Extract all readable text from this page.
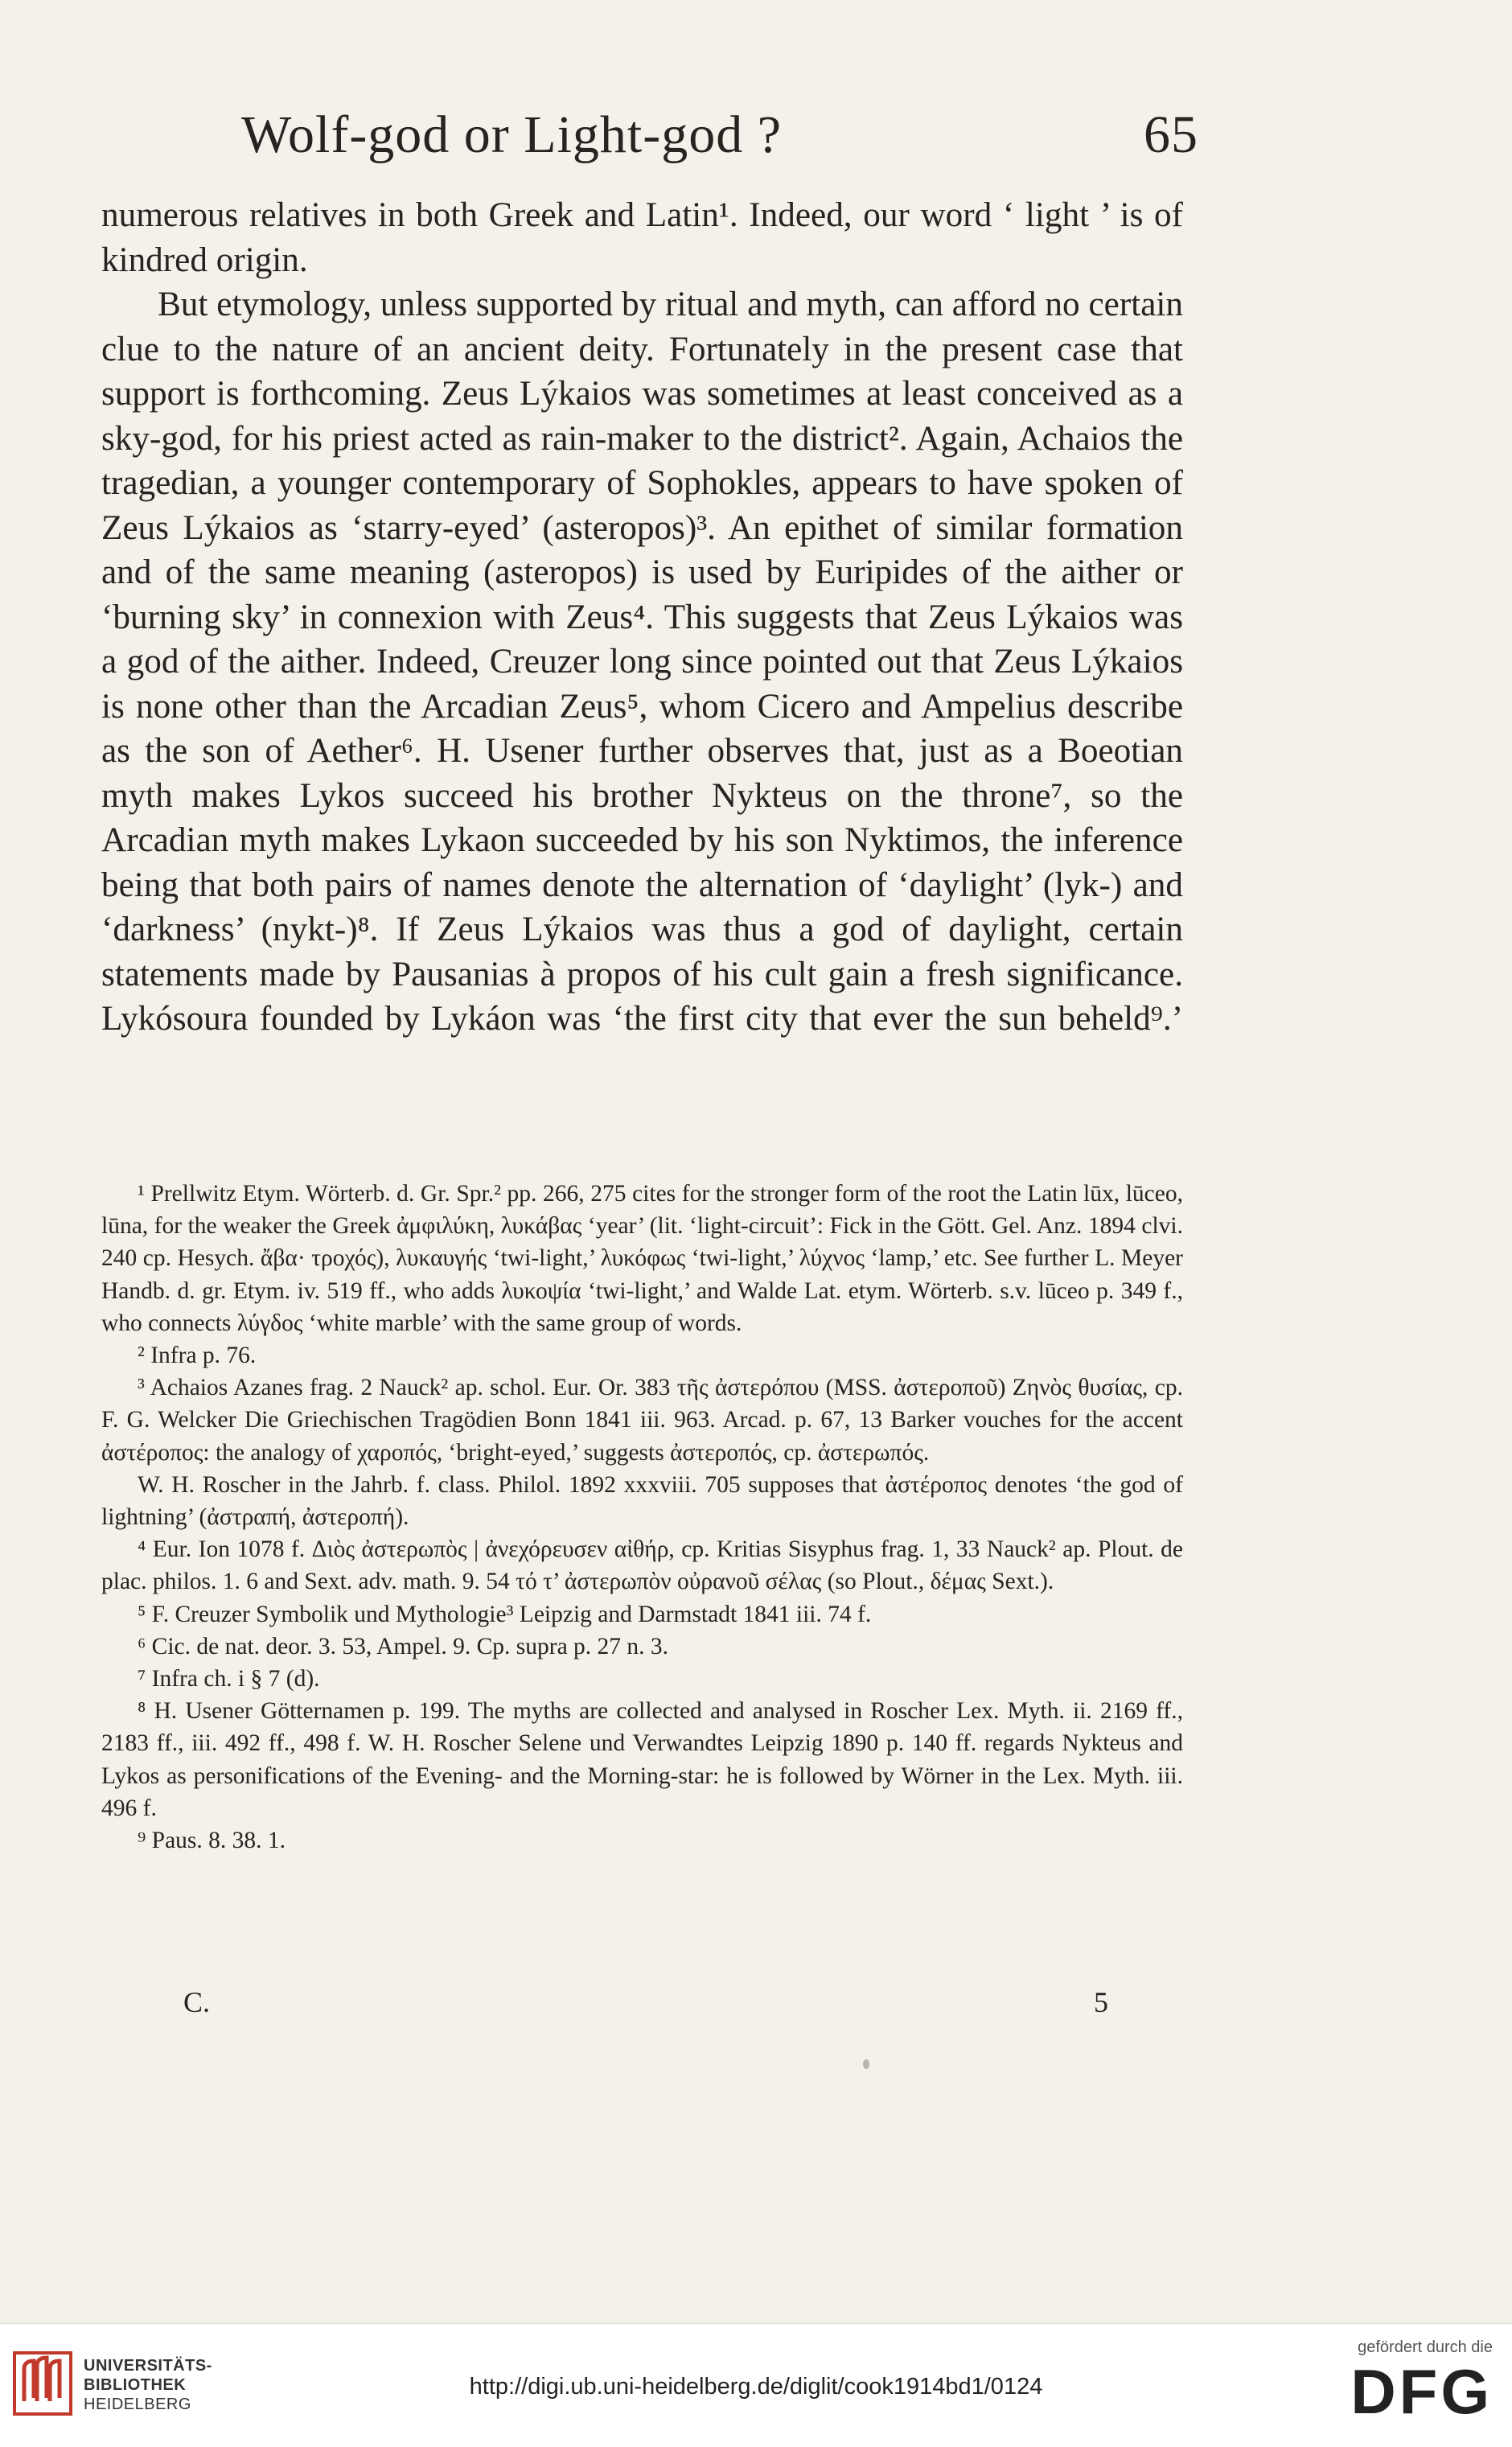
Wolf-god or Light-god ?	65

numerous relatives in both Greek and Latin¹. Indeed, our word ‘ light ’ is of kindred origin.

But etymology, unless supported by ritual and myth, can afford no certain clue to the nature of an ancient deity. Fortunately in the present case that support is forthcoming. Zeus Lýkaios was sometimes at least conceived as a sky-god, for his priest acted as rain-maker to the district². Again, Achaios the tragedian, a younger contemporary of Sophokles, appears to have spoken of Zeus Lýkaios as ‘starry-eyed’ (asteropos)³. An epithet of similar formation and of the same meaning (asteropos) is used by Euripides of the aither or ‘burning sky’ in connexion with Zeus⁴. This suggests that Zeus Lýkaios was a god of the aither. Indeed, Creuzer long since pointed out that Zeus Lýkaios is none other than the Arcadian Zeus⁵, whom Cicero and Ampelius describe as the son of Aether⁶. H. Usener further observes that, just as a Boeotian myth makes Lykos succeed his brother Nykteus on the throne⁷, so the Arcadian myth makes Lykaon succeeded by his son Nyktimos, the inference being that both pairs of names denote the alternation of ‘daylight’ (lyk-) and ‘darkness’ (nykt-)⁸. If Zeus Lýkaios was thus a god of daylight, certain statements made by Pausanias à propos of his cult gain a fresh significance. Lykósoura founded by Lykáon was ‘the first city that ever the sun beheld⁹.’

¹ Prellwitz Etym. Wörterb. d. Gr. Spr.² pp. 266, 275 cites for the stronger form of the root the Latin lūx, lūceo, lūna, for the weaker the Greek ἀμφιλύκη, λυκάβας ‘year’ (lit. ‘light-circuit’: Fick in the Gött. Gel. Anz. 1894 clvi. 240 cp. Hesych. ἄβα· τροχός), λυκαυγής ‘twi-light,’ λυκόφως ‘twi-light,’ λύχνος ‘lamp,’ etc. See further L. Meyer Handb. d. gr. Etym. iv. 519 ff., who adds λυκοψία ‘twi-light,’ and Walde Lat. etym. Wörterb. s.v. lūceo p. 349 f., who connects λύγδος ‘white marble’ with the same group of words.

² Infra p. 76.

³ Achaios Azanes frag. 2 Nauck² ap. schol. Eur. Or. 383 τῆς ἀστερόπου (MSS. ἀστεροποῦ) Ζηνὸς θυσίας, cp. F. G. Welcker Die Griechischen Tragödien Bonn 1841 iii. 963. Arcad. p. 67, 13 Barker vouches for the accent ἀστέροπος: the analogy of χαροπός, ‘bright-eyed,’ suggests ἀστεροπός, cp. ἀστερωπός.

W. H. Roscher in the Jahrb. f. class. Philol. 1892 xxxviii. 705 supposes that ἀστέροπος denotes ‘the god of lightning’ (ἀστραπή, ἀστεροπή).

⁴ Eur. Ion 1078 f. Διὸς ἀστερωπὸς | ἀνεχόρευσεν αἰθήρ, cp. Kritias Sisyphus frag. 1, 33 Nauck² ap. Plout. de plac. philos. 1. 6 and Sext. adv. math. 9. 54 τό τ’ ἀστερωπὸν οὐρανοῦ σέλας (so Plout., δέμας Sext.).

⁵ F. Creuzer Symbolik und Mythologie³ Leipzig and Darmstadt 1841 iii. 74 f.

⁶ Cic. de nat. deor. 3. 53, Ampel. 9. Cp. supra p. 27 n. 3.

⁷ Infra ch. i § 7 (d).

⁸ H. Usener Götternamen p. 199. The myths are collected and analysed in Roscher Lex. Myth. ii. 2169 ff., 2183 ff., iii. 492 ff., 498 f. W. H. Roscher Selene und Verwandtes Leipzig 1890 p. 140 ff. regards Nykteus and Lykos as personifications of the Evening- and the Morning-star: he is followed by Wörner in the Lex. Myth. iii. 496 f.

⁹ Paus. 8. 38. 1.

C.	5
UNIVERSITÄTS-
BIBLIOTHEK
HEIDELBERG
http://digi.ub.uni-heidelberg.de/diglit/cook1914bd1/0124
gefördert durch die
DFG
